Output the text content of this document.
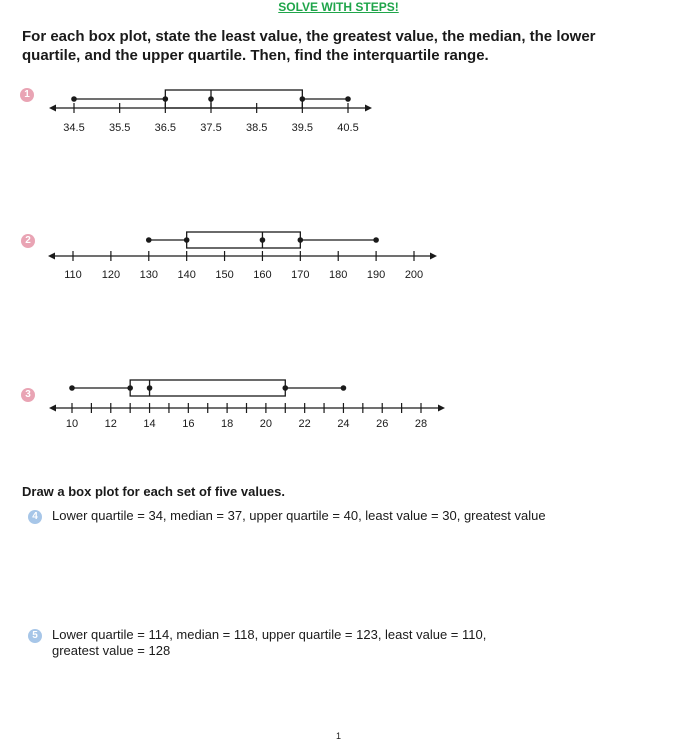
SOLVE WITH STEPS!
For each box plot, state the least value, the greatest value, the median, the lower quartile, and the upper quartile. Then, find the interquartile range.
1
34.5 35.5 36.5 37.5 38.5 39.5 40.5
2
110 120 130 140 150 160 170 180 190 200
3
10 12 14 16 18 20 22 24 26 28
Draw a box plot for each set of five values.
4	Lower quartile = 34, median = 37, upper quartile = 40, least value = 30, greatest value
5	Lower quartile = 114, median = 118, upper quartile = 123, least value = 110,
greatest value = 128
1
